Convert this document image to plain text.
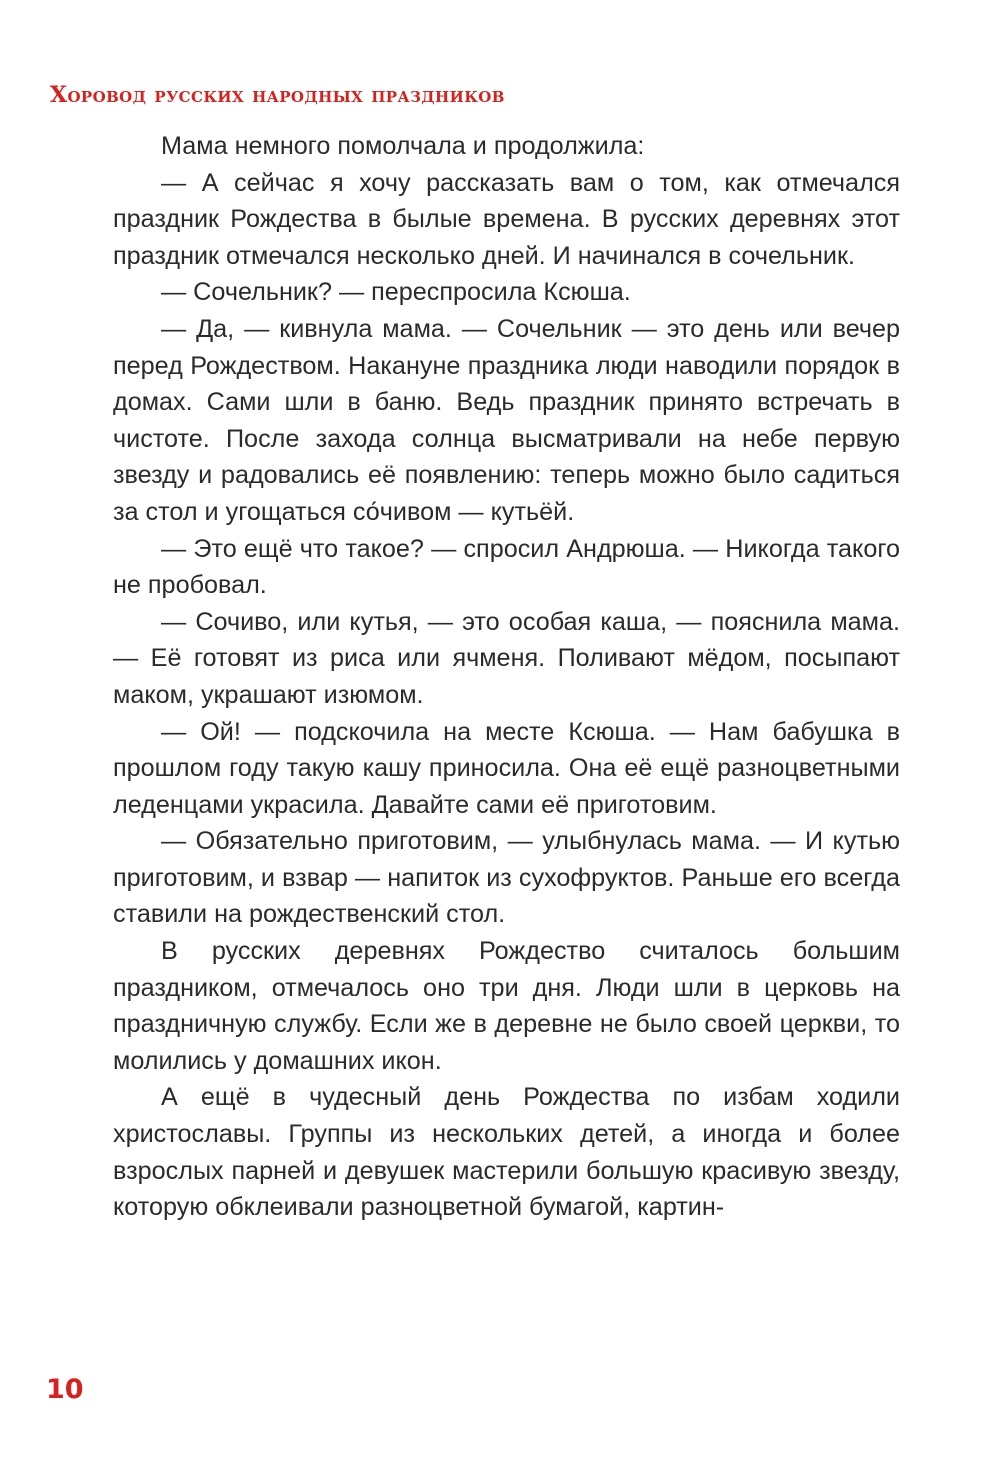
Хоровод русских народных праздников

Мама немного помолчала и продолжила:

— А сейчас я хочу рассказать вам о том, как отмечался праздник Рождества в былые времена. В русских деревнях этот праздник отмечался несколько дней. И начинался в сочельник.

— Сочельник? — переспросила Ксюша.

— Да, — кивнула мама. — Сочельник — это день или вечер перед Рождеством. Накануне праздника люди наводили порядок в домах. Сами шли в баню. Ведь праздник принято встречать в чистоте. После захода солнца высматривали на небе первую звезду и радовались её появлению: теперь можно было садиться за стол и угощаться со́чивом — кутьёй.

— Это ещё что такое? — спросил Андрюша. — Никогда такого не пробовал.

— Сочиво, или кутья, — это особая каша, — пояснила мама. — Её готовят из риса или ячменя. Поливают мёдом, посыпают маком, украшают изюмом.

— Ой! — подскочила на месте Ксюша. — Нам бабушка в прошлом году такую кашу приносила. Она её ещё разноцветными леденцами украсила. Давайте сами её приготовим.

— Обязательно приготовим, — улыбнулась мама. — И кутью приготовим, и взвар — напиток из сухофруктов. Раньше его всегда ставили на рождественский стол.

В русских деревнях Рождество считалось большим праздником, отмечалось оно три дня. Люди шли в церковь на праздничную службу. Если же в деревне не было своей церкви, то молились у домашних икон.

А ещё в чудесный день Рождества по избам ходили христославы. Группы из нескольких детей, а иногда и более взрослых парней и девушек мастерили большую красивую звезду, которую обклеивали разноцветной бумагой, картин-

10
